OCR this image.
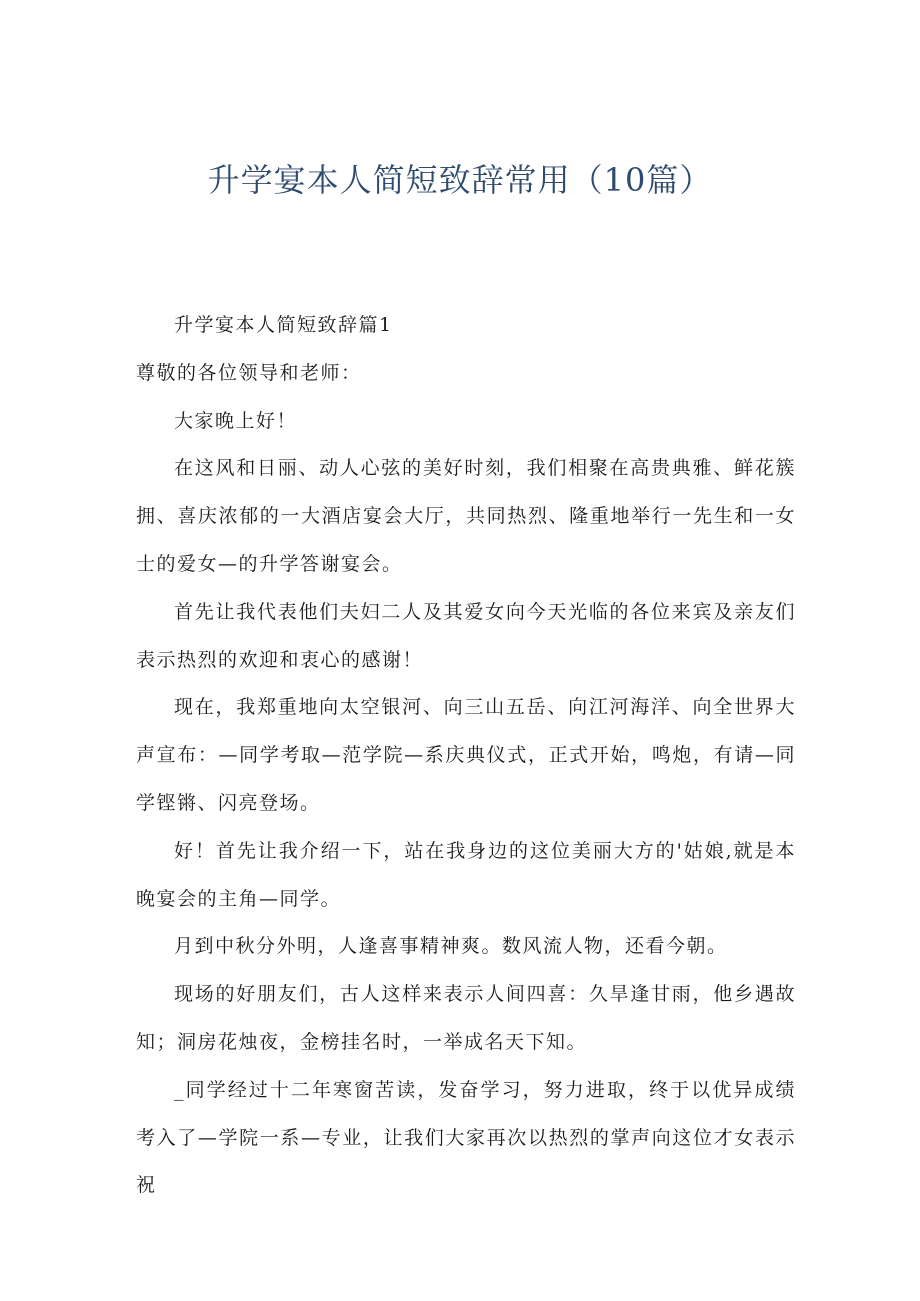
升学宴本人简短致辞常用（10篇）

升学宴本人简短致辞篇1

尊敬的各位领导和老师：

大家晚上好！

在这风和日丽、动人心弦的美好时刻，我们相聚在高贵典雅、鲜花簇拥、喜庆浓郁的一大酒店宴会大厅，共同热烈、隆重地举行一先生和一女士的爱女—的升学答谢宴会。

首先让我代表他们夫妇二人及其爱女向今天光临的各位来宾及亲友们表示热烈的欢迎和衷心的感谢！

现在，我郑重地向太空银河、向三山五岳、向江河海洋、向全世界大声宣布：—同学考取—范学院—系庆典仪式，正式开始，鸣炮，有请—同学铿锵、闪亮登场。

好！首先让我介绍一下，站在我身边的这位美丽大方的'姑娘,就是本晚宴会的主角—同学。

月到中秋分外明，人逢喜事精神爽。数风流人物，还看今朝。

现场的好朋友们，古人这样来表示人间四喜：久旱逢甘雨，他乡遇故知；洞房花烛夜，金榜挂名时，一举成名天下知。

_同学经过十二年寒窗苦读，发奋学习，努力进取，终于以优异成绩考入了—学院一系—专业，让我们大家再次以热烈的掌声向这位才女表示祝
